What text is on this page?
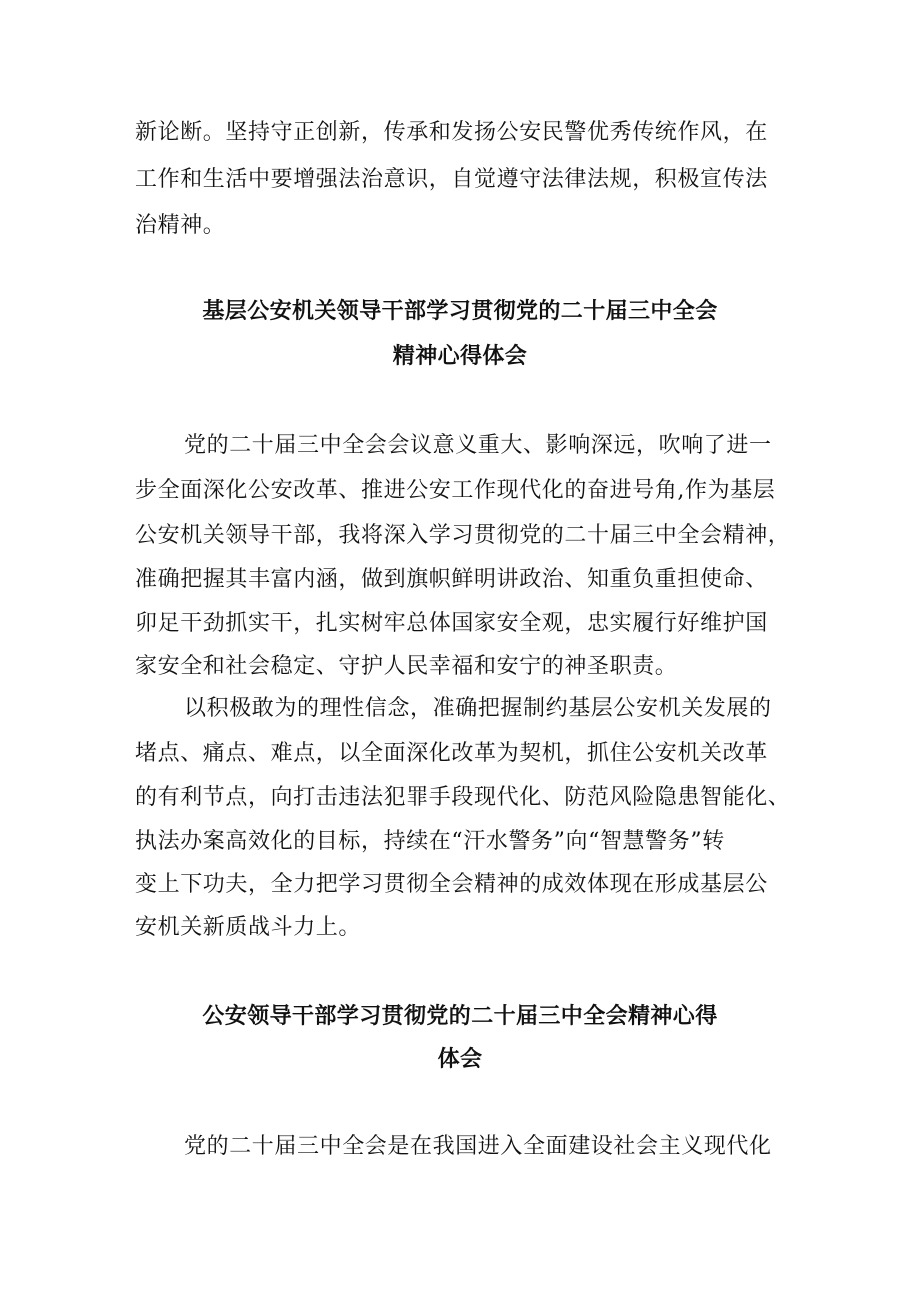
新论断。坚持守正创新，传承和发扬公安民警优秀传统作风，在
工作和生活中要增强法治意识，自觉遵守法律法规，积极宣传法
治精神。
基层公安机关领导干部学习贯彻党的二十届三中全会
精神心得体会
党的二十届三中全会会议意义重大、影响深远，吹响了进一
步全面深化公安改革、推进公安工作现代化的奋进号角,作为基层
公安机关领导干部，我将深入学习贯彻党的二十届三中全会精神，
准确把握其丰富内涵，做到旗帜鲜明讲政治、知重负重担使命、
卯足干劲抓实干，扎实树牢总体国家安全观，忠实履行好维护国
家安全和社会稳定、守护人民幸福和安宁的神圣职责。
以积极敢为的理性信念，准确把握制约基层公安机关发展的
堵点、痛点、难点，以全面深化改革为契机，抓住公安机关改革
的有利节点，向打击违法犯罪手段现代化、防范风险隐患智能化、
执法办案高效化的目标，持续在“汗水警务”向“智慧警务”转
变上下功夫，全力把学习贯彻全会精神的成效体现在形成基层公
安机关新质战斗力上。
公安领导干部学习贯彻党的二十届三中全会精神心得
体会
党的二十届三中全会是在我国进入全面建设社会主义现代化
